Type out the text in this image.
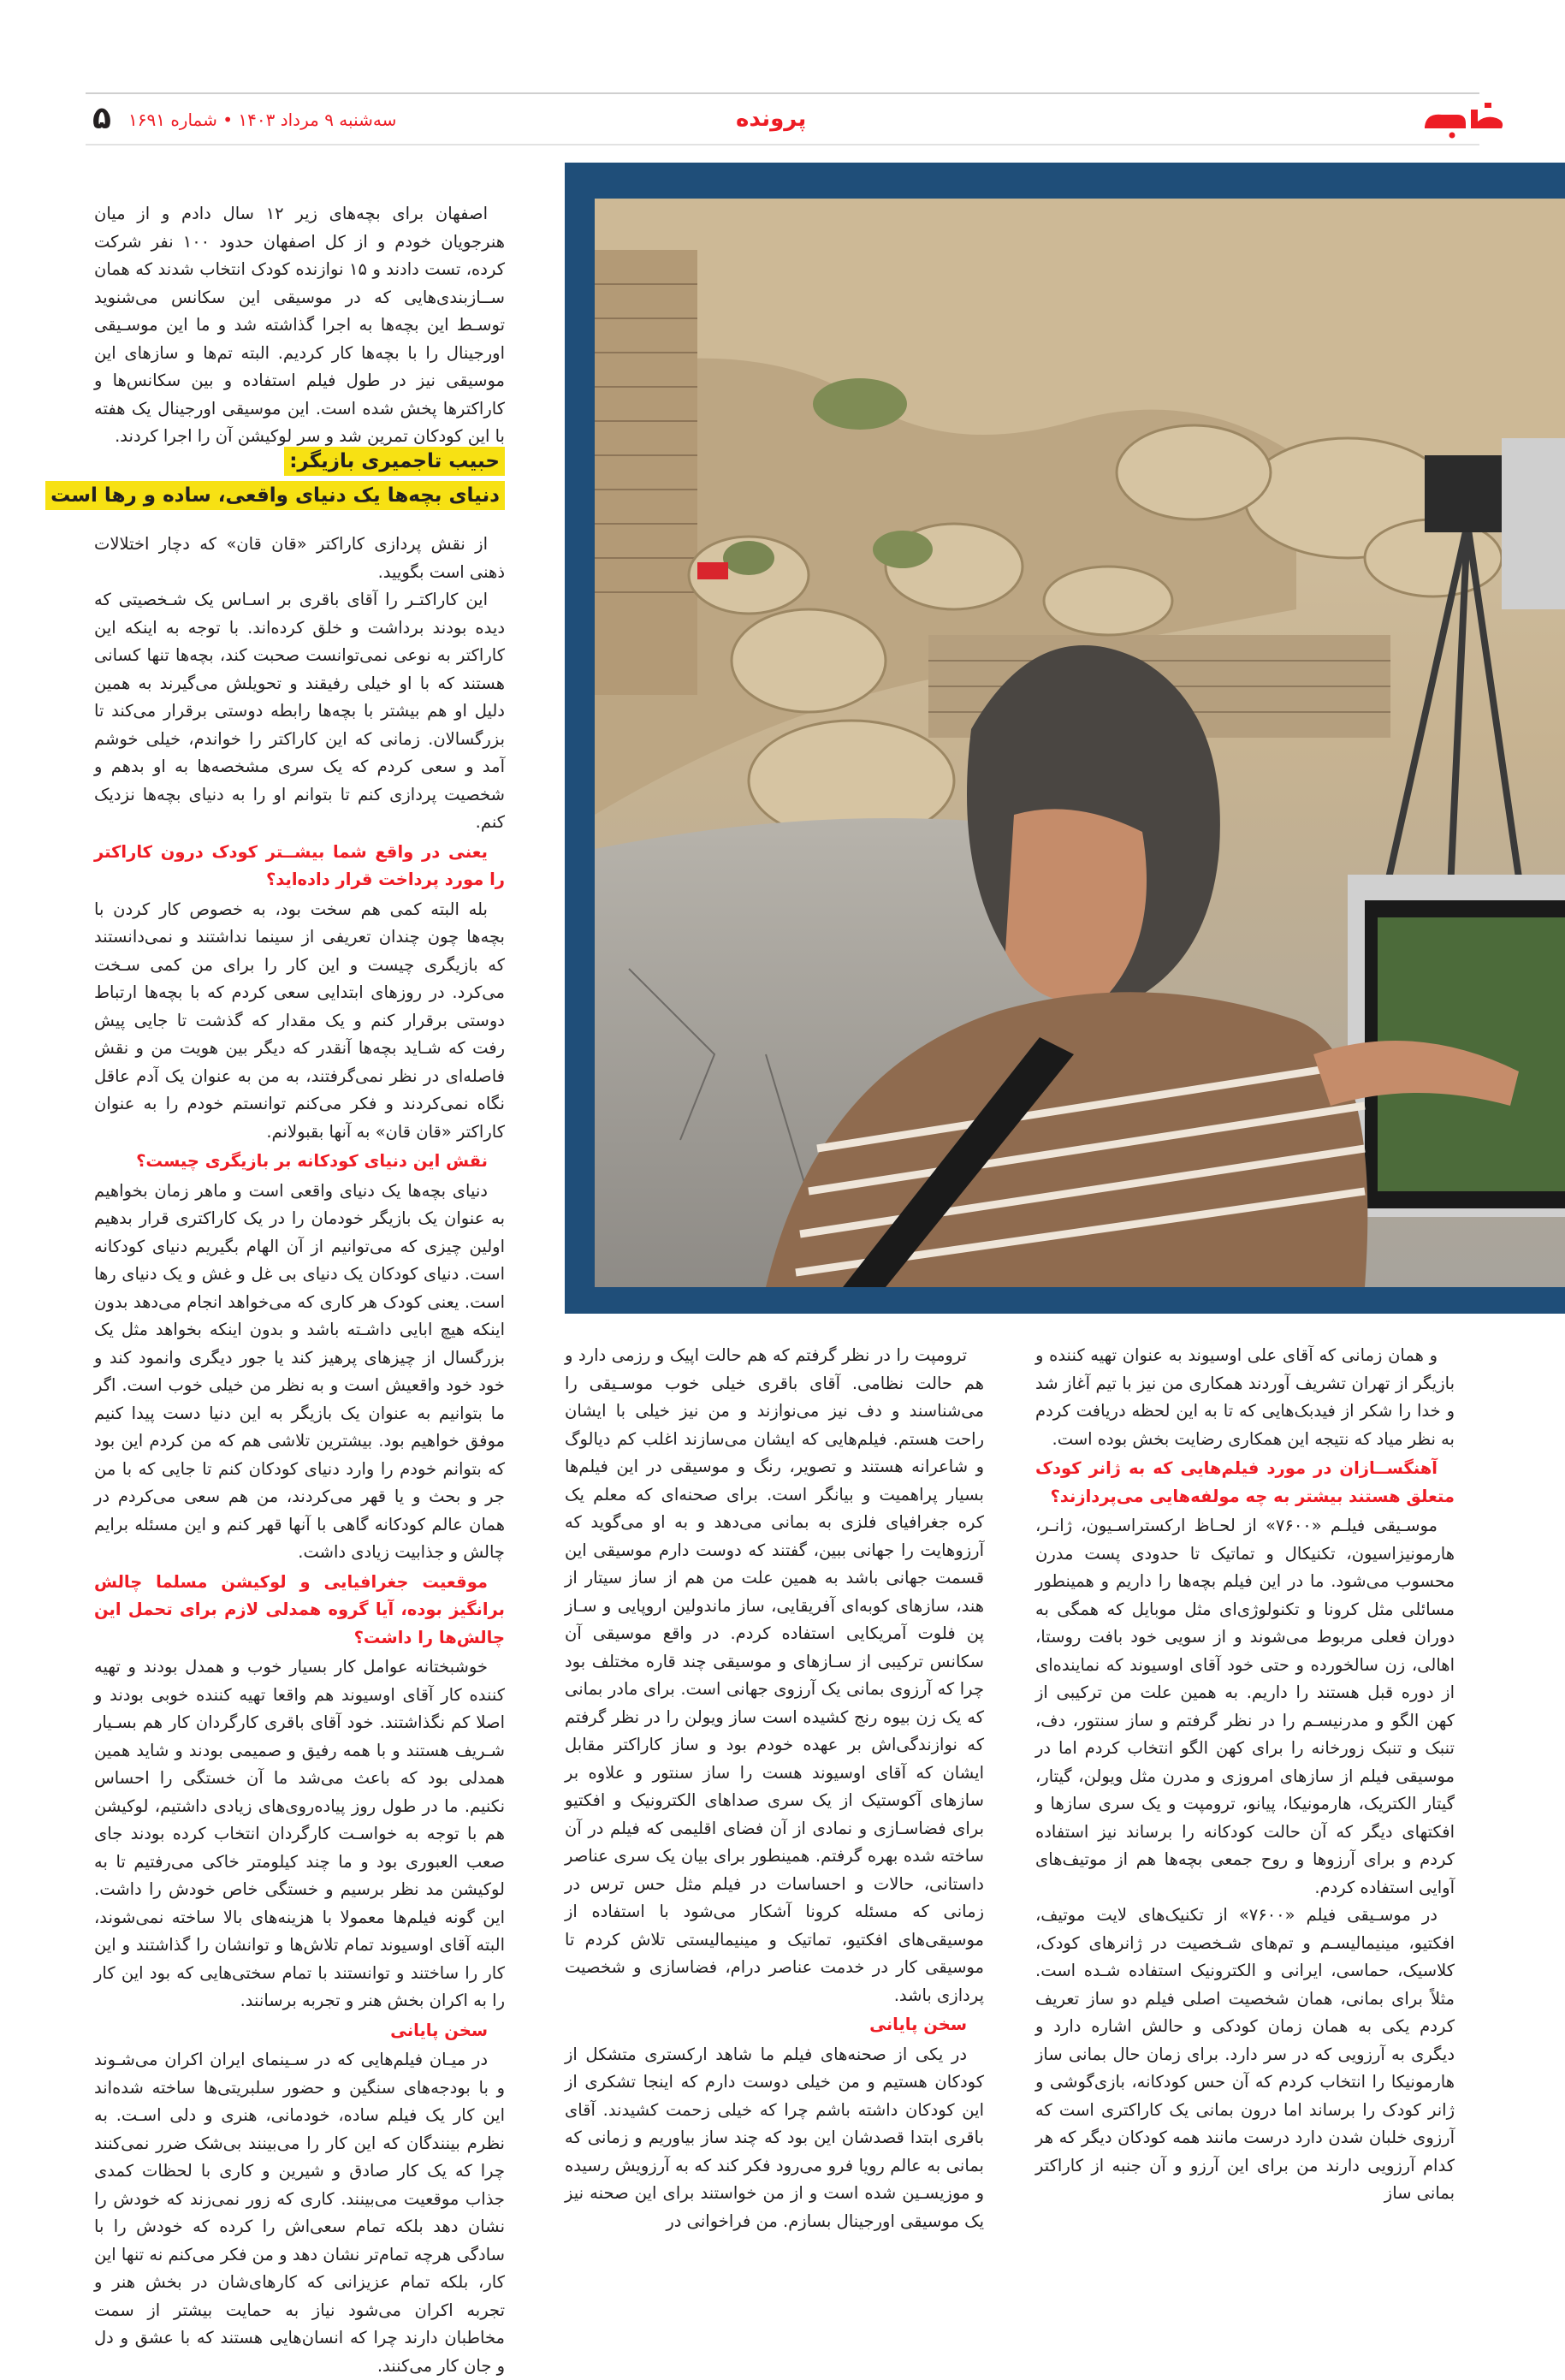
۵ سه‌شنبه ۹ مرداد ۱۴۰۳ • شماره ۱۶۹۱	پرونده

اصفهان برای بچه‌های زیر ۱۲ سال دادم و از میان هنرجویان خودم و از کل اصفهان حدود ۱۰۰ نفر شرکت کرده، تست دادند و ۱۵ نوازنده کودک انتخاب شدند که همان ســازبندی‌هایی که در موسیقی این سکانس می‌شنوید توسـط این بچه‌ها به اجرا گذاشته شد و ما این موسـیقی اورجینال را با بچه‌ها کار کردیم. البته تم‌ها و سازهای این موسیقی نیز در طول فیلم استفاده و بین سکانس‌ها و کاراکترها پخش شده است. این موسیقی اورجینال یک هفته با این کودکان تمرین شد و سر لوکیشن آن را اجرا کردند.

حبیب تاجمیری بازیگر:
دنیای بچه‌ها یک دنیای واقعی، ساده و رها است

از نقش پردازی کاراکتر «قان قان» که دچار اختلالات ذهنی است بگویید.

این کاراکتـر را آقای باقری بر اسـاس یک شـخصیتی که دیده بودند برداشت و خلق کرده‌اند. با توجه به اینکه این کاراکتر به نوعی نمی‌توانست صحبت کند، بچه‌ها تنها کسانی هستند که با او خیلی رفیقند و تحویلش می‌گیرند به همین دلیل او هم بیشتر با بچه‌ها رابطه دوستی برقرار می‌کند تا بزرگسالان. زمانی که این کاراکتر را خواندم، خیلی خوشم آمد و سعی کردم که یک سری مشخصه‌ها به او بدهم و شخصیت‌ پردازی کنم تا بتوانم او را به دنیای بچه‌ها نزدیک کنم.

یعنی در واقع شما بیشــتر کودک درون کاراکتر را مورد پرداخت قرار داده‌اید؟

بله البته کمی هم سخت بود، به خصوص کار کردن با بچه‌ها چون چندان تعریفی از سینما نداشتند و نمی‌دانستند که بازیگری چیست و این کار را برای من کمی سـخت می‌کرد. در روزهای ابتدایی سعی کردم که با بچه‌ها ارتباط دوستی برقرار کنم و یک مقدار که گذشت تا جایی پیش رفت که شـاید بچه‌ها آنقدر که دیگر بین هویت من و نقش فاصله‌ای در نظر نمی‌گرفتند، به من به عنوان یک آدم عاقل نگاه نمی‌کردند و فکر می‌کنم توانستم خودم را به عنوان کاراکتر «قان قان» به آنها بقبولانم.

نقش این دنیای کودکانه بر بازیگری چیست؟

دنیای بچه‌ها یک دنیای واقعی است و ماهر زمان بخواهیم به عنوان یک بازیگر خودمان را در یک کاراکتری قرار بدهیم اولین چیزی که می‌توانیم از آن الهام بگیریم دنیای کودکانه است. دنیای کودکان یک دنیای بی غل و غش و یک دنیای رها است. یعنی کودک هر کاری که می‌خواهد انجام می‌دهد بدون اینکه هیچ ابایی داشـته باشد و بدون اینکه بخواهد مثل یک بزرگسال از چیزهای پرهیز کند یا جور دیگری وانمود کند و خود خود واقعیش است و به نظر من خیلی خوب است. اگر ما بتوانیم به عنوان یک بازیگر به این دنیا دست پیدا کنیم موفق خواهیم بود. بیشترین تلاشی هم که من کردم این بود که بتوانم خودم را وارد دنیای کودکان کنم تا جایی که با من جر و بحث و یا قهر می‌کردند، من هم سعی می‌کردم در همان عالم کودکانه گاهی با آنها قهر کنم و این مسئله برایم چالش و جذابیت زیادی داشت.

موقعیت جغرافیایی و لوکیشن مسلما چالش برانگیز بوده، آیا گروه همدلی لازم برای تحمل این چالش‌ها را داشت؟

خوشبختانه عوامل کار بسیار خوب و همدل بودند و تهیه کننده کار آقای اوسیوند هم واقعا تهیه کننده خوبی بودند و اصلا کم نگذاشتند. خود آقای باقری کارگردان کار هم بسـیار شـریف هستند و با همه رفیق و صمیمی بودند و شاید همین همدلی بود که باعث می‌شد ما آن خستگی را احساس نکنیم. ما در طول روز پیاده‌روی‌های زیادی داشتیم، لوکیشن هم با توجه به خواسـت کارگردان انتخاب کرده بودند جای صعب العبوری بود و ما چند کیلومتر خاکی می‌رفتیم تا به لوکیشن مد نظر برسیم و خستگی خاص خودش را داشت. این گونه فیلم‌ها معمولا با هزینه‌های بالا ساخته نمی‌شوند، البته آقای اوسیوند تمام تلاش‌ها و توانشان را گذاشتند و این کار را ساختند و توانستند با تمام سختی‌هایی که بود این کار را به اکران بخش هنر و تجربه برسانند.

سخن پایانی

در میـان فیلم‌هایی که در سـینمای ایران اکران می‌شـوند و با بودجه‌های سنگین و حضور سلبریتی‌ها ساخته شده‌اند این کار یک فیلم ساده، خودمانی، هنری و دلی اسـت. به نظرم بینندگان که این کار را می‌بینند بی‌شک ضرر نمی‌کنند چرا که یک کار صادق و شیرین و کاری با لحظات کمدی جذاب موقعیت می‌بینند. کاری که زور نمی‌زند که خودش را نشان دهد بلکه تمام سعی‌اش را کرده که خودش را با سادگی هرچه تمام‌تر نشان دهد و من فکر می‌کنم نه تنها این کار، بلکه تمام عزیزانی که کارهای‌شان در بخش هنر و تجربه اکران می‌شود نیاز به حمایت بیشتر از سمت مخاطبان دارند چرا که انسان‌هایی هستند که با عشق و دل و جان کار می‌کنند.

و همان زمانی که آقای علی اوسیوند به عنوان تهیه کننده و بازیگر از تهران تشریف آوردند همکاری من نیز با تیم آغاز شد و خدا را شکر از فیدبک‌هایی که تا به این لحظه دریافت کردم به نظر میاد که نتیجه این همکاری رضایت بخش بوده است.

آهنگســازان در مورد فیلم‌هایی که به ژانر کودک متعلق هستند بیشتر به چه مولفه‌هایی می‌پردازند؟

موسـیقی فیلـم «۷۶۰۰» از لحـاظ ارکستراسـیون، ژانـر، هارمونیزاسیون، تکنیکال و تماتیک تا حدودی پست مدرن محسوب می‌شود. ما در این فیلم بچه‌ها را داریم و همینطور مسائلی مثل کرونا و تکنولوژی‌ای مثل موبایل که همگی به دوران فعلی مربوط می‌شوند و از سویی خود بافت روستا، اهالی، زن سالخورده و حتی خود آقای اوسیوند که نماینده‌ای از دوره قبل هستند را داریم. به همین علت من ترکیبی از کهن الگو و مدرنیسـم را در نظر گرفتم و ساز سنتور، دف، تنبک و تنبک زورخانه را برای کهن الگو انتخاب کردم اما در موسیقی فیلم از سازهای امروزی و مدرن مثل ویولن، گیتار، گیتار الکتریک، هارمونیکا، پیانو، ترومپت و یک سری سازها و افکتهای دیگر که آن حالت کودکانه را برساند نیز استفاده کردم و برای آرزوها و روح جمعی بچه‌ها هم از موتیف‌های آوایی استفاده کردم.

در موسـیقی فیلم «۷۶۰۰» از تکنیک‌های لایت موتیف، افکتیو، مینیمالیسـم و تم‌های شـخصیت در ژانرهای کودک، کلاسیک، حماسی، ایرانی و الکترونیک استفاده شـده است. مثلاً برای بمانی، همان شخصیت اصلی فیلم دو ساز تعریف کردم یکی به همان زمان کودکی و حالش اشاره دارد و دیگری به آرزویی که در سر دارد. برای زمان حال بمانی ساز هارمونیکا را انتخاب کردم که آن حس کودکانه، بازی‌گوشی و ژانر کودک را برساند اما درون بمانی یک کاراکتری است که آرزوی خلبان شدن دارد درست مانند همه کودکان دیگر که هر کدام آرزویی دارند من برای این آرزو و آن جنبه از کاراکتر بمانی ساز

ترومپت را در نظر گرفتم که هم حالت اپیک و رزمی دارد و هم حالت نظامی. آقای باقری خیلی خوب موسـیقی را می‌شناسند و دف نیز می‌نوازند و من نیز خیلی با ایشان راحت هستم. فیلم‌هایی که ایشان می‌سازند اغلب کم دیالوگ و شاعرانه هستند و تصویر، رنگ و موسیقی در این فیلم‌ها بسیار پراهمیت و بیانگر است. برای صحنه‌ای که معلم یک کره جغرافیای فلزی به بمانی می‌دهد و به او می‌گوید که آرزوهایت را جهانی ببین، گفتند که دوست دارم موسیقی این قسمت جهانی باشد به همین علت من هم از ساز سیتار از هند، سازهای کوبه‌ای آفریقایی، ساز ماندولین اروپایی و سـاز پن فلوت آمریکایی استفاده کردم. در واقع موسیقی آن سکانس ترکیبی از سـازهای و موسیقی چند قاره مختلف بود چرا که آرزوی بمانی یک آرزوی جهانی است. برای مادر بمانی که یک زن بیوه رنج کشیده است ساز ویولن را در نظر گرفتم که نوازندگی‌اش بر عهده خودم بود و ساز کاراکتر مقابل ایشان که آقای اوسیوند هست را ساز سنتور و علاوه بر سازهای آکوستیک از یک سری صداهای الکترونیک و افکتیو برای فضاسـازی و نمادی از آن فضای اقلیمی که فیلم در آن ساخته شده بهره گرفتم. همینطور برای بیان یک سری عناصر داستانی، حالات و احساسات در فیلم مثل حس ترس در زمانی که مسئله کرونا آشکار می‌شود با استفاده از موسیقی‌های افکتیو، تماتیک و مینیمالیستی تلاش کردم تا موسیقی کار در خدمت عناصر درام، فضاسازی و شخصیت پردازی باشد.

سخن پایانی

در یکی از صحنه‌های فیلم ما شاهد ارکستری متشکل از کودکان هستیم و من خیلی دوست دارم که اینجا تشکری از این کودکان داشته باشم چرا که خیلی زحمت کشیدند. آقای باقری ابتدا قصدشان این بود که چند ساز بیاوریم و زمانی که بمانی به عالم رویا فرو می‌رود فکر کند که به آرزویش رسیده و موزیسـین شده است و از من خواستند برای این صحنه نیز یک موسیقی اورجینال بسازم. من فراخوانی در
